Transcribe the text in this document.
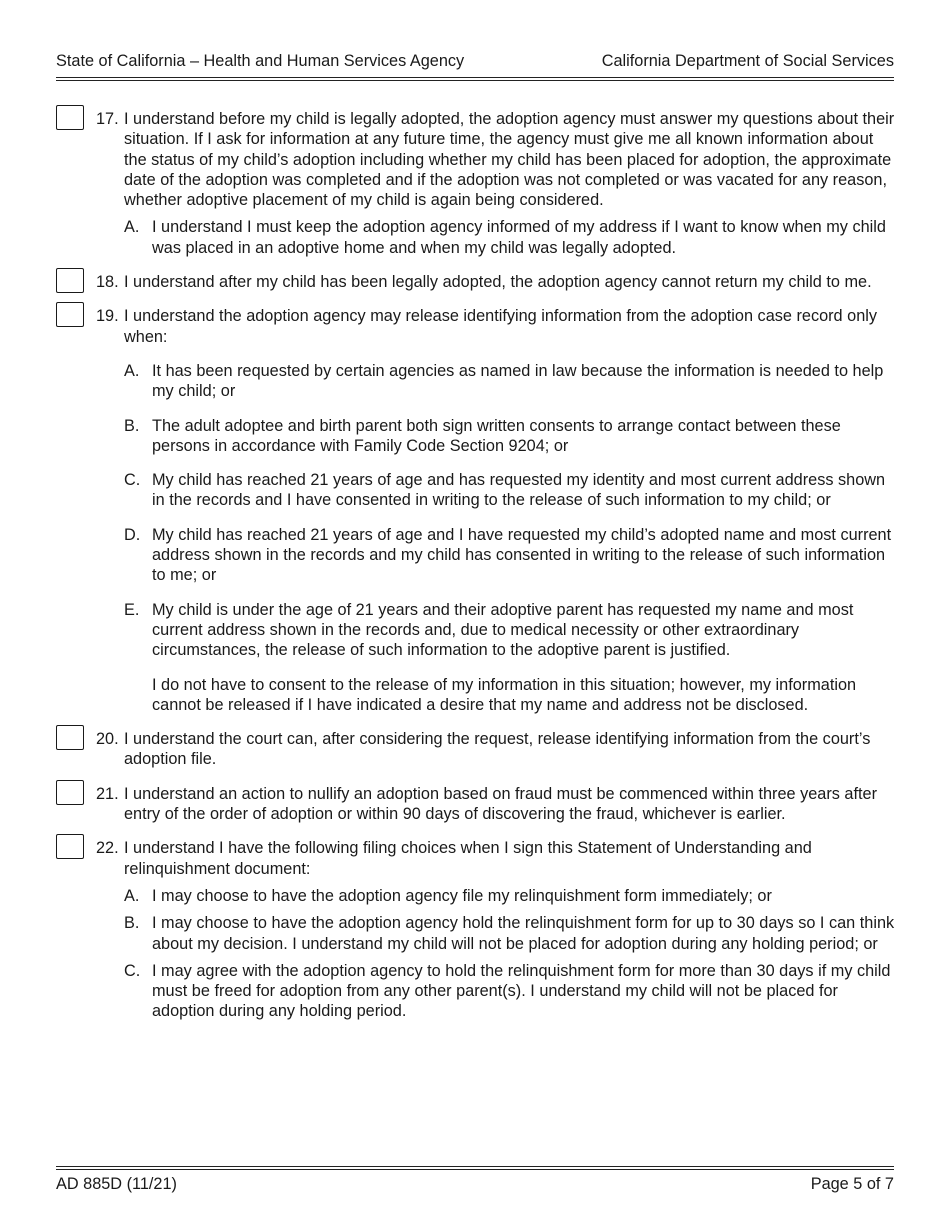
State of California – Health and Human Services Agency	California Department of Social Services
17. I understand before my child is legally adopted, the adoption agency must answer my questions about their situation. If I ask for information at any future time, the agency must give me all known information about the status of my child’s adoption including whether my child has been placed for adoption, the approximate date of the adoption was completed and if the adoption was not completed or was vacated for any reason, whether adoptive placement of my child is again being considered.
A. I understand I must keep the adoption agency informed of my address if I want to know when my child was placed in an adoptive home and when my child was legally adopted.
18. I understand after my child has been legally adopted, the adoption agency cannot return my child to me.
19. I understand the adoption agency may release identifying information from the adoption case record only when:
A. It has been requested by certain agencies as named in law because the information is needed to help my child; or
B. The adult adoptee and birth parent both sign written consents to arrange contact between these persons in accordance with Family Code Section 9204; or
C. My child has reached 21 years of age and has requested my identity and most current address shown in the records and I have consented in writing to the release of such information to my child; or
D. My child has reached 21 years of age and I have requested my child’s adopted name and most current address shown in the records and my child has consented in writing to the release of such information to me; or
E. My child is under the age of 21 years and their adoptive parent has requested my name and most current address shown in the records and, due to medical necessity or other extraordinary circumstances, the release of such information to the adoptive parent is justified.
I do not have to consent to the release of my information in this situation; however, my information cannot be released if I have indicated a desire that my name and address not be disclosed.
20. I understand the court can, after considering the request, release identifying information from the court’s adoption file.
21. I understand an action to nullify an adoption based on fraud must be commenced within three years after entry of the order of adoption or within 90 days of discovering the fraud, whichever is earlier.
22. I understand I have the following filing choices when I sign this Statement of Understanding and relinquishment document:
A. I may choose to have the adoption agency file my relinquishment form immediately; or
B. I may choose to have the adoption agency hold the relinquishment form for up to 30 days so I can think about my decision. I understand my child will not be placed for adoption during any holding period; or
C. I may agree with the adoption agency to hold the relinquishment form for more than 30 days if my child must be freed for adoption from any other parent(s). I understand my child will not be placed for adoption during any holding period.
AD 885D (11/21)	Page 5 of 7
